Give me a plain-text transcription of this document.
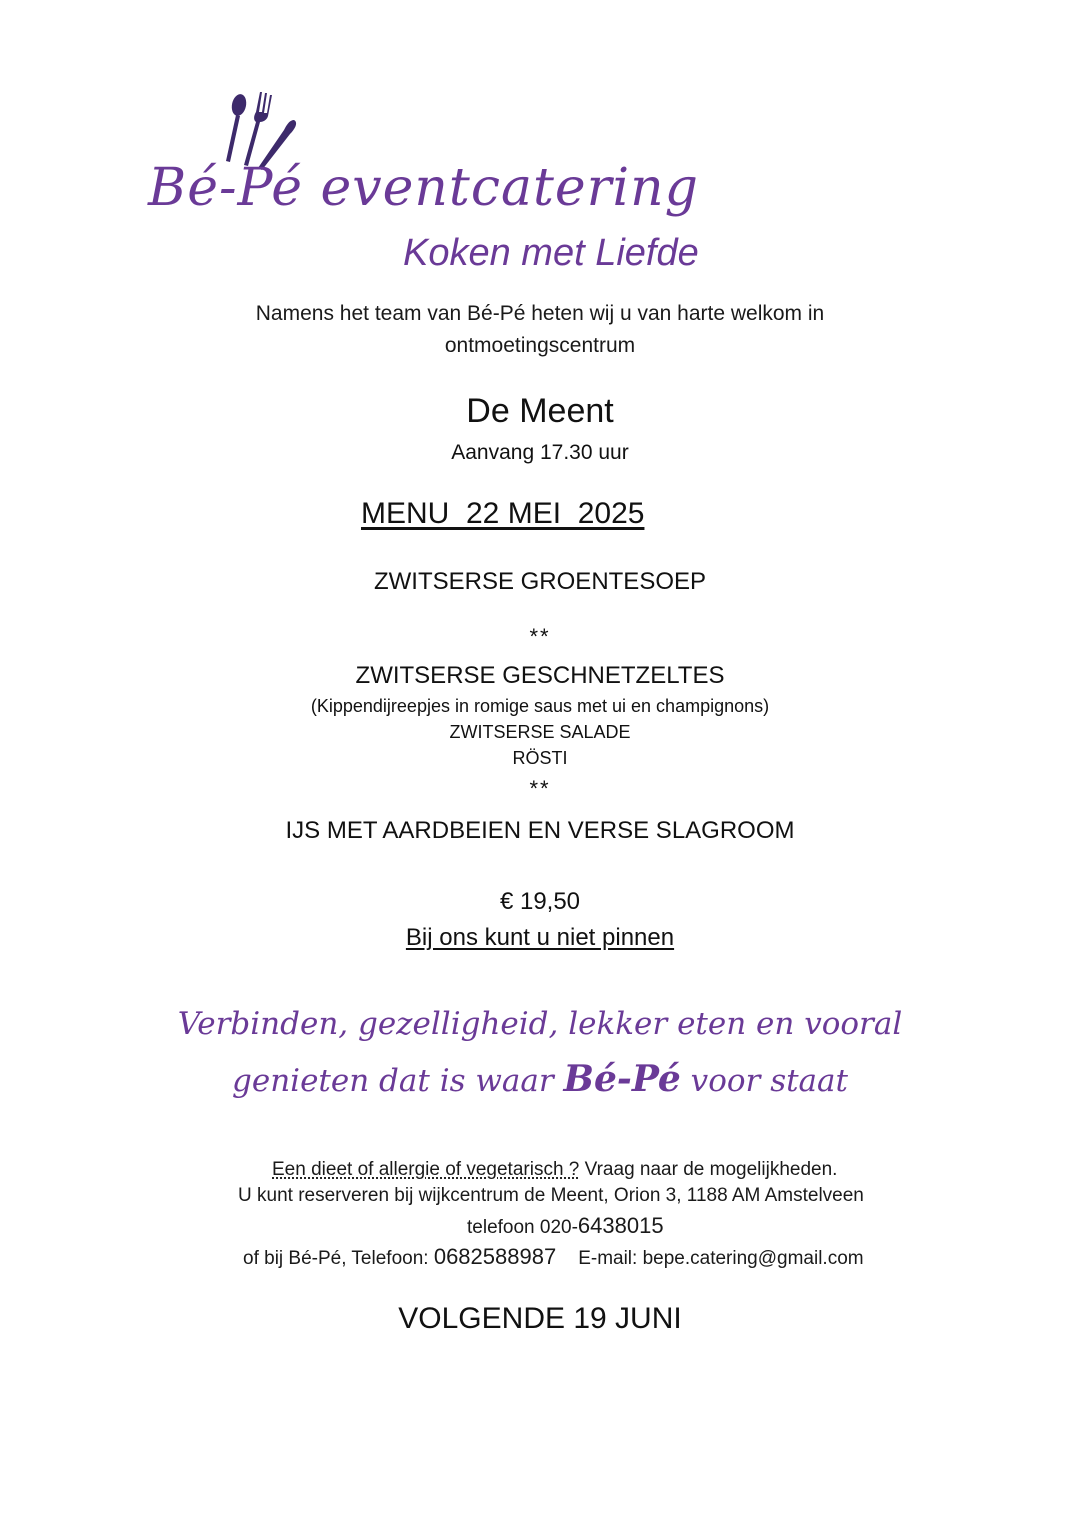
Bé-Pé eventcatering
Koken met Liefde
Namens het team van Bé-Pé heten wij u van harte welkom in
ontmoetingscentrum
De Meent
Aanvang 17.30 uur
MENU  22 MEI  2025
ZWITSERSE GROENTESOEP
**
ZWITSERSE GESCHNETZELTES
(Kippendijreepjes in romige saus met ui en champignons)
ZWITSERSE SALADE
RÖSTI
**
IJS MET AARDBEIEN EN VERSE SLAGROOM
€ 19,50
Bij ons kunt u niet pinnen
Verbinden, gezelligheid, lekker eten en vooral
genieten dat is waar Bé-Pé voor staat
Een dieet of allergie of vegetarisch ? Vraag naar de mogelijkheden.
U kunt reserveren bij wijkcentrum de Meent, Orion 3, 1188 AM Amstelveen
telefoon 020-6438015
of bij Bé-Pé, Telefoon: 0682588987 E-mail: bepe.catering@gmail.com
VOLGENDE 19 JUNI
